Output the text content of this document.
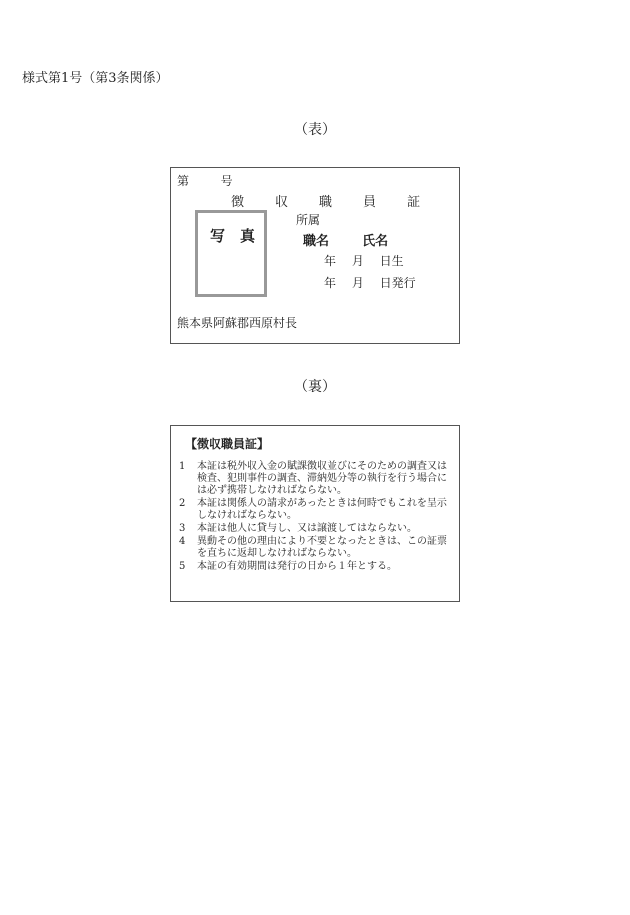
様式第1号（第3条関係）
（表）
第	号
徴 収 職 員 証
写　真
所属
職名	氏名
年　 月　 日生
年　 月　 日発行
熊本県阿蘇郡西原村長
（裏）
【徴収職員証】
1	本証は税外収入金の賦課徴収並びにそのための調査又は検査、犯則事件の調査、滞納処分等の執行を行う場合には必ず携帯しなければならない。
2	本証は関係人の請求があったときは何時でもこれを呈示しなければならない。
3	本証は他人に貸与し、又は譲渡してはならない。
4	異動その他の理由により不要となったときは、この証票を直ちに返却しなければならない。
5	本証の有効期間は発行の日から１年とする。
